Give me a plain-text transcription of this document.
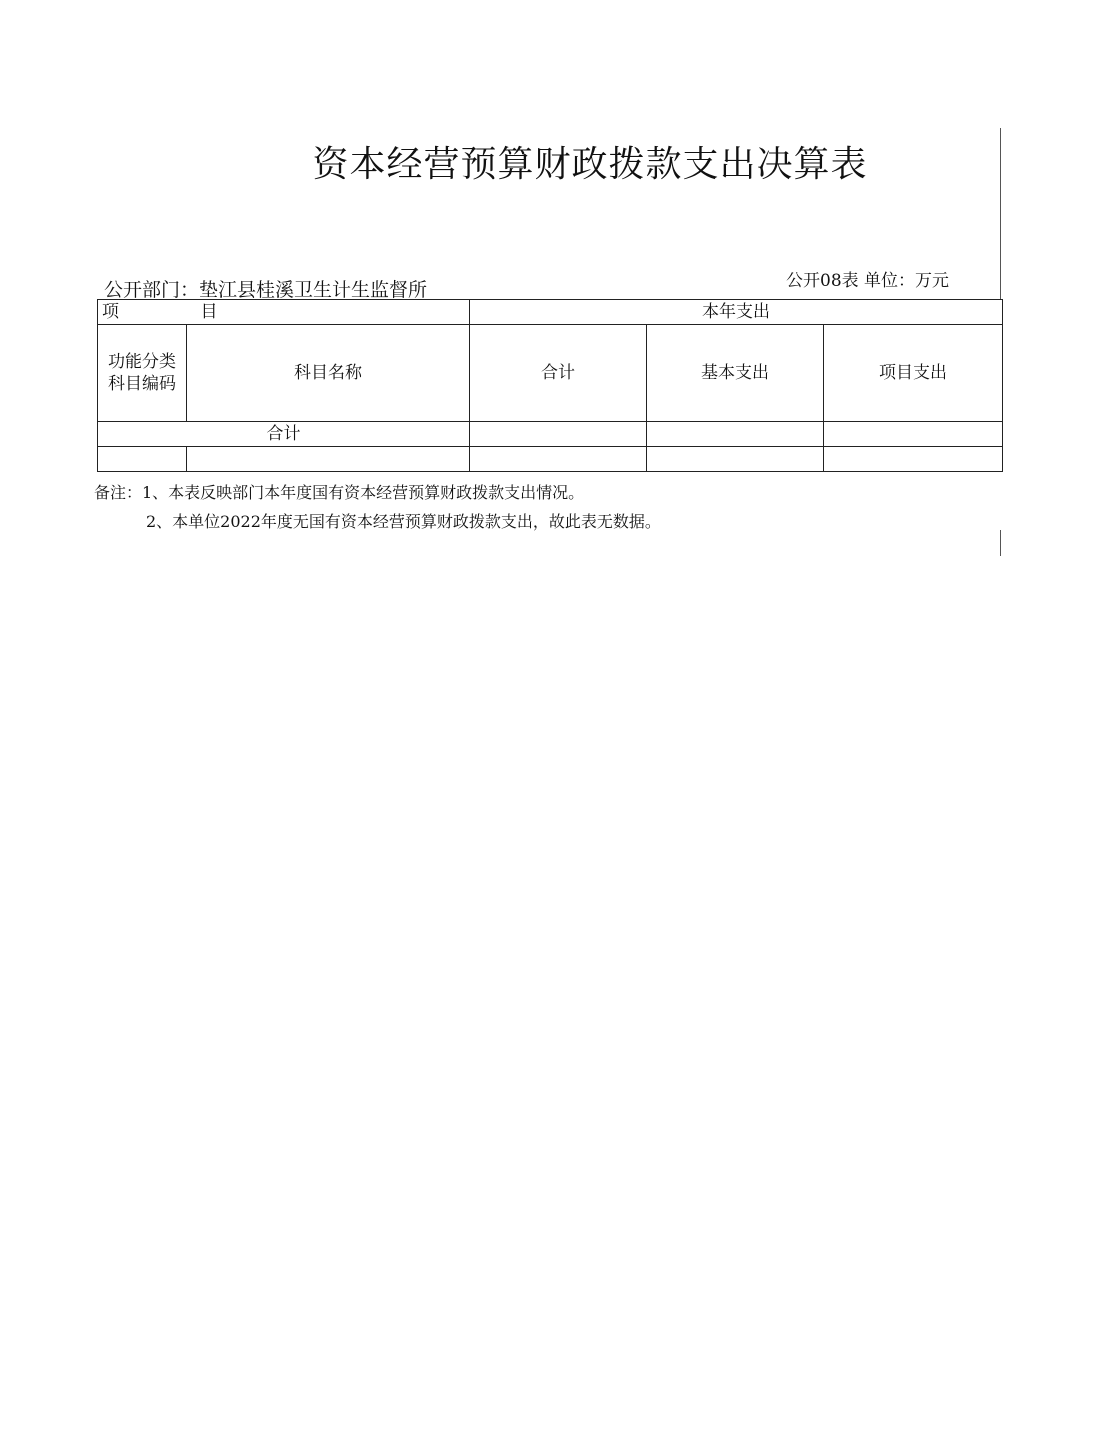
资本经营预算财政拨款支出决算表
公开部门：垫江县桂溪卫生计生监督所	公开08表 单位：万元
项 目		本年支出		

功能分类
科目编码	科目名称	合计	基本支出	项目支出
合计				

备注：1、本表反映部门本年度国有资本经营预算财政拨款支出情况。
2、本单位2022年度无国有资本经营预算财政拨款支出，故此表无数据。
